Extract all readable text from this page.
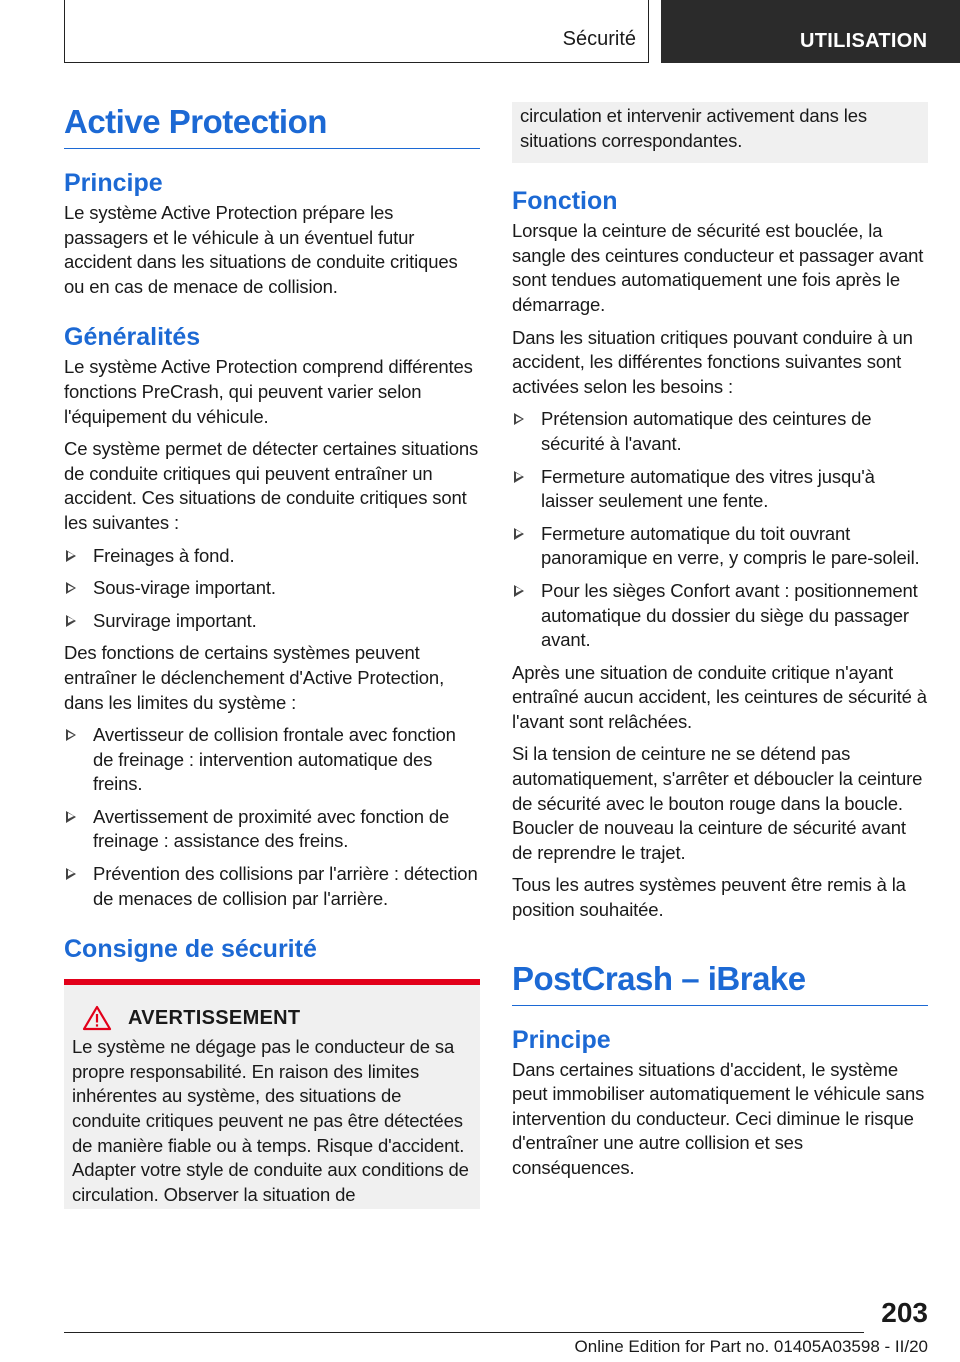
Sécurité	UTILISATION
Active Protection
Principe

Le système Active Protection prépare les passagers et le véhicule à un éventuel futur accident dans les situations de conduite critiques ou en cas de menace de collision.

Généralités

Le système Active Protection comprend différentes fonctions PreCrash, qui peuvent varier selon l'équipement du véhicule.

Ce système permet de détecter certaines situations de conduite critiques qui peuvent entraîner un accident. Ces situations de conduite critiques sont les suivantes :

Freinages à fond.
Sous-virage important.
Survirage important.

Des fonctions de certains systèmes peuvent entraîner le déclenchement d'Active Protection, dans les limites du système :

Avertisseur de collision frontale avec fonction de freinage : intervention automatique des freins.
Avertissement de proximité avec fonction de freinage : assistance des freins.
Prévention des collisions par l'arrière : détection de menaces de collision par l'arrière.
Consigne de sécurité
AVERTISSEMENT

Le système ne dégage pas le conducteur de sa propre responsabilité. En raison des limites inhérentes au système, des situations de conduite critiques peuvent ne pas être détectées de manière fiable ou à temps. Risque d'accident. Adapter votre style de conduite aux conditions de circulation. Observer la situation de

circulation et intervenir activement dans les situations correspondantes.

Fonction

Lorsque la ceinture de sécurité est bouclée, la sangle des ceintures conducteur et passager avant sont tendues automatiquement une fois après le démarrage.

Dans les situation critiques pouvant conduire à un accident, les différentes fonctions suivantes sont activées selon les besoins :

Prétension automatique des ceintures de sécurité à l'avant.
Fermeture automatique des vitres jusqu'à laisser seulement une fente.
Fermeture automatique du toit ouvrant panoramique en verre, y compris le pare-soleil.
Pour les sièges Confort avant : positionnement automatique du dossier du siège du passager avant.

Après une situation de conduite critique n'ayant entraîné aucun accident, les ceintures de sécurité à l'avant sont relâchées.

Si la tension de ceinture ne se détend pas automatiquement, s'arrêter et déboucler la ceinture de sécurité avec le bouton rouge dans la boucle. Boucler de nouveau la ceinture de sécurité avant de reprendre le trajet.

Tous les autres systèmes peuvent être remis à la position souhaitée.

PostCrash – iBrake
Principe

Dans certaines situations d'accident, le système peut immobiliser automatiquement le véhicule sans intervention du conducteur. Ceci diminue le risque d'entraîner une autre collision et ses conséquences.

203
Online Edition for Part no. 01405A03598 - II/20
